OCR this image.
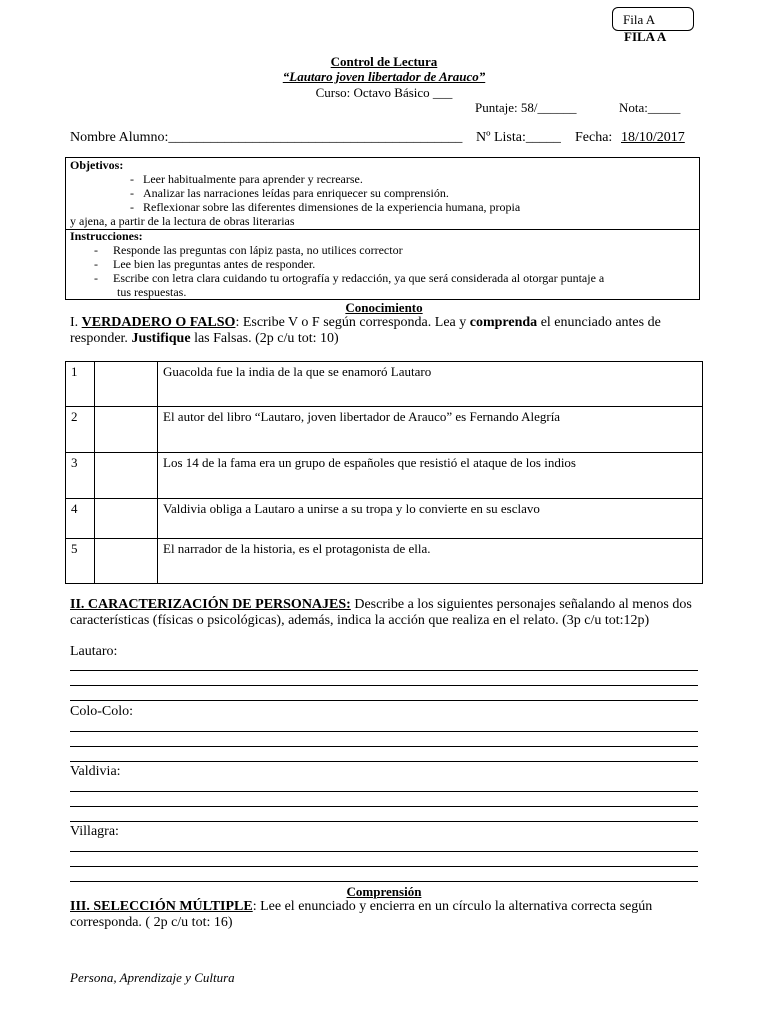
Fila A
FILA A
Control de Lectura
“Lautaro joven libertador de Arauco”
Curso: Octavo Básico ___
Puntaje: 58/______	Nota:_____
Nombre Alumno:__________________________________________ Nº Lista:_____ Fecha: 18/10/2017
Objetivos:
-   Leer habitualmente para aprender y recrearse.
-   Analizar las narraciones leídas para enriquecer su comprensión.
-   Reflexionar sobre las diferentes dimensiones de la experiencia humana, propia
y ajena, a partir de la lectura de obras literarias
Instrucciones:
-     Responde las preguntas con lápiz pasta, no utilices corrector
-     Lee bien las preguntas antes de responder.
-     Escribe con letra clara cuidando tu ortografía y redacción, ya que será considerada al otorgar puntaje a
tus respuestas.
Conocimiento
I. VERDADERO O FALSO: Escribe V o F según corresponda. Lea y comprenda el enunciado antes de responder. Justifique las Falsas. (2p c/u tot: 10)
1		Guacolda fue la india de la que se enamoró Lautaro
2		El autor del libro “Lautaro, joven libertador de Arauco” es Fernando Alegría
3		Los 14 de la fama era un grupo de españoles que resistió el ataque de los indios
4		Valdivia obliga a Lautaro a unirse a su tropa y lo convierte en su esclavo
5		El narrador de la historia, es el protagonista de ella.
II. CARACTERIZACIÓN DE PERSONAJES: Describe a los siguientes personajes señalando al menos dos características (físicas o psicológicas), además, indica la acción que realiza en el relato. (3p c/u tot:12p)
Lautaro:
Colo-Colo:
Valdivia:
Villagra:
Comprensión
III. SELECCIÓN MÚLTIPLE: Lee el enunciado y encierra en un círculo la alternativa correcta según corresponda. ( 2p c/u tot: 16)
Persona, Aprendizaje y Cultura
